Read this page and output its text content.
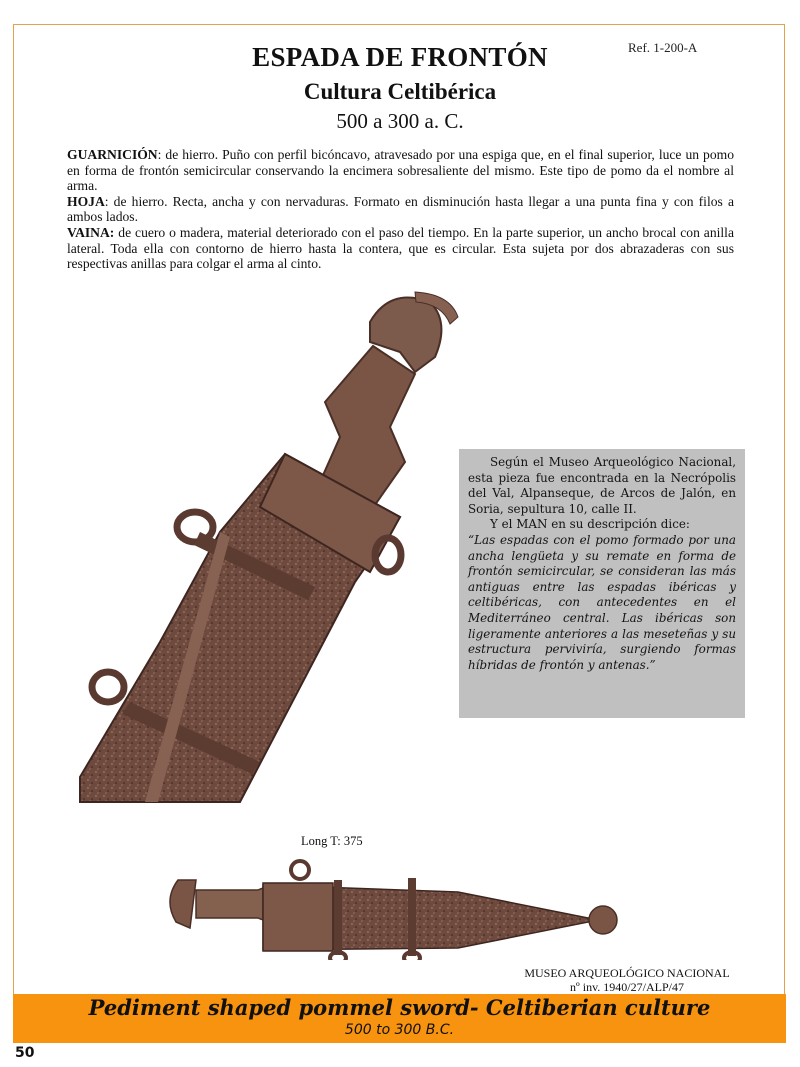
Ref. 1-200-A
ESPADA DE FRONTÓN
Cultura Celtibérica
500 a 300 a. C.

GUARNICIÓN: de hierro. Puño con perfil bicóncavo, atravesado por una espiga que, en el final superior, luce un pomo en forma de frontón semicircular conservando la encimera sobresaliente del mismo. Este tipo de pomo da el nombre al arma.

HOJA: de hierro. Recta, ancha y con nervaduras. Formato en disminución hasta llegar a una punta fina y con filos a ambos lados.

VAINA: de cuero o madera, material deteriorado con el paso del tiempo. En la parte superior, un ancho brocal con anilla lateral. Toda ella con contorno de hierro hasta la contera, que es circular. Esta sujeta por dos abrazaderas con sus respectivas anillas para colgar el arma al cinto.

Según el Museo Arqueológico Nacional, esta pieza fue encontrada en la Necrópolis del Val, Alpanseque, de Arcos de Jalón, en Soria, sepultura 10, calle II.

Y el MAN en su descripción dice:

“Las espadas con el pomo formado por una ancha lengüeta y su remate en forma de frontón semicircular, se consideran las más antiguas entre las espadas ibéricas y celtibéricas, con antecedentes en el Mediterráneo central. Las ibéricas son ligeramente anteriores a las meseteñas y su estructura perviviría, surgiendo formas híbridas de frontón y antenas.”

Long T: 375
MUSEO ARQUEOLÓGICO NACIONAL
nº inv. 1940/27/ALP/47
Pediment shaped pommel sword- Celtiberian culture
500 to 300 B.C.
50
